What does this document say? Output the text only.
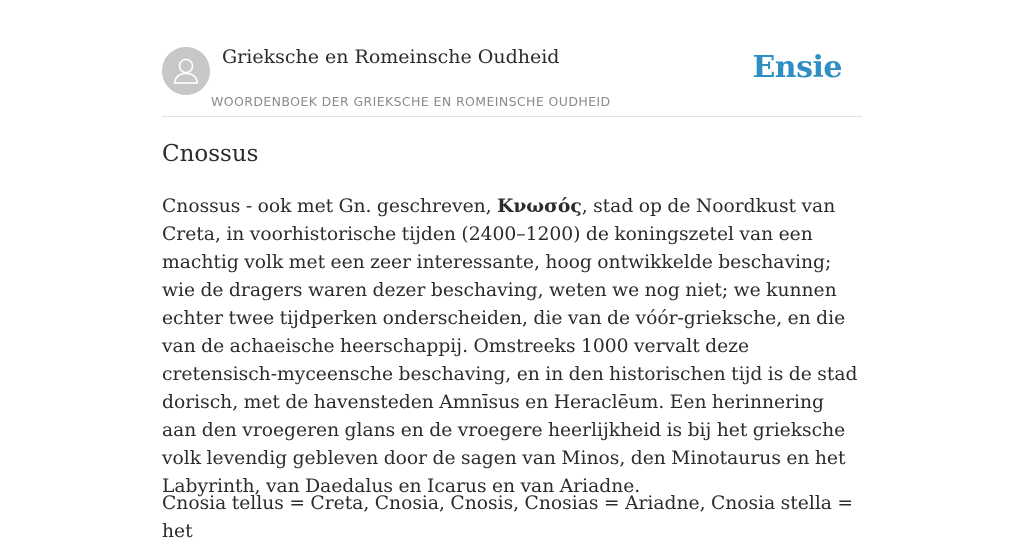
Grieksche en Romeinsche Oudheid
WOORDENBOEK DER GRIEKSCHE EN ROMEINSCHE OUDHEID
Ensie
Cnossus

Cnossus - ook met Gn. geschreven, Κνωσός, stad op de Noordkust van Creta, in voorhistorische tijden (2400–1200) de koningszetel van een machtig volk met een zeer interessante, hoog ontwikkelde beschaving; wie de dragers waren dezer beschaving, weten we nog niet; we kunnen echter twee tijdperken onderscheiden, die van de vóór-grieksche, en die van de achaeische heerschappij. Omstreeks 1000 vervalt deze cretensisch-myceensche beschaving, en in den historischen tijd is de stad dorisch, met de havensteden Amnīsus en Heraclēum. Een herinnering aan den vroegeren glans en de vroegere heerlijkheid is bij het grieksche volk levendig gebleven door de sagen van Minos, den Minotaurus en het Labyrinth, van Daedalus en Icarus en van Ariadne.

Cnosia tellus = Creta, Cnosia, Cnosis, Cnosias = Ariadne, Cnosia stella = het
